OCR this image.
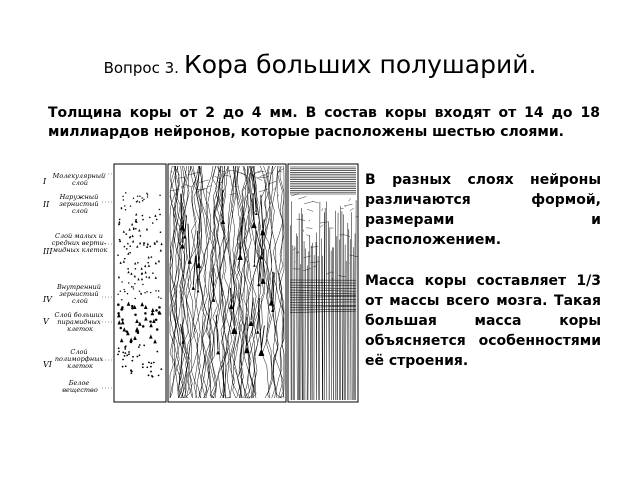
Вопрос 3. Кора больших полушарий.

Толщина коры от 2 до 4 мм. В состав коры входят от 14 до 18 миллиардов нейронов, которые расположены шестью слоями.

В разных слоях нейроны различаются формой, размерами и расположением.

Масса коры составляет 1/3 от массы всего мозга. Такая большая масса коры объясняется особенностями её строения.

I
II
III
IV
V
VI
Молекулярный слой
Наружный зернистый слой
Слой малых и средних верти- мидных клеток
Внутренний зернистый слой
Слой больших пирамидных клеток
Слой полиморфных клеток
Белое вещество
